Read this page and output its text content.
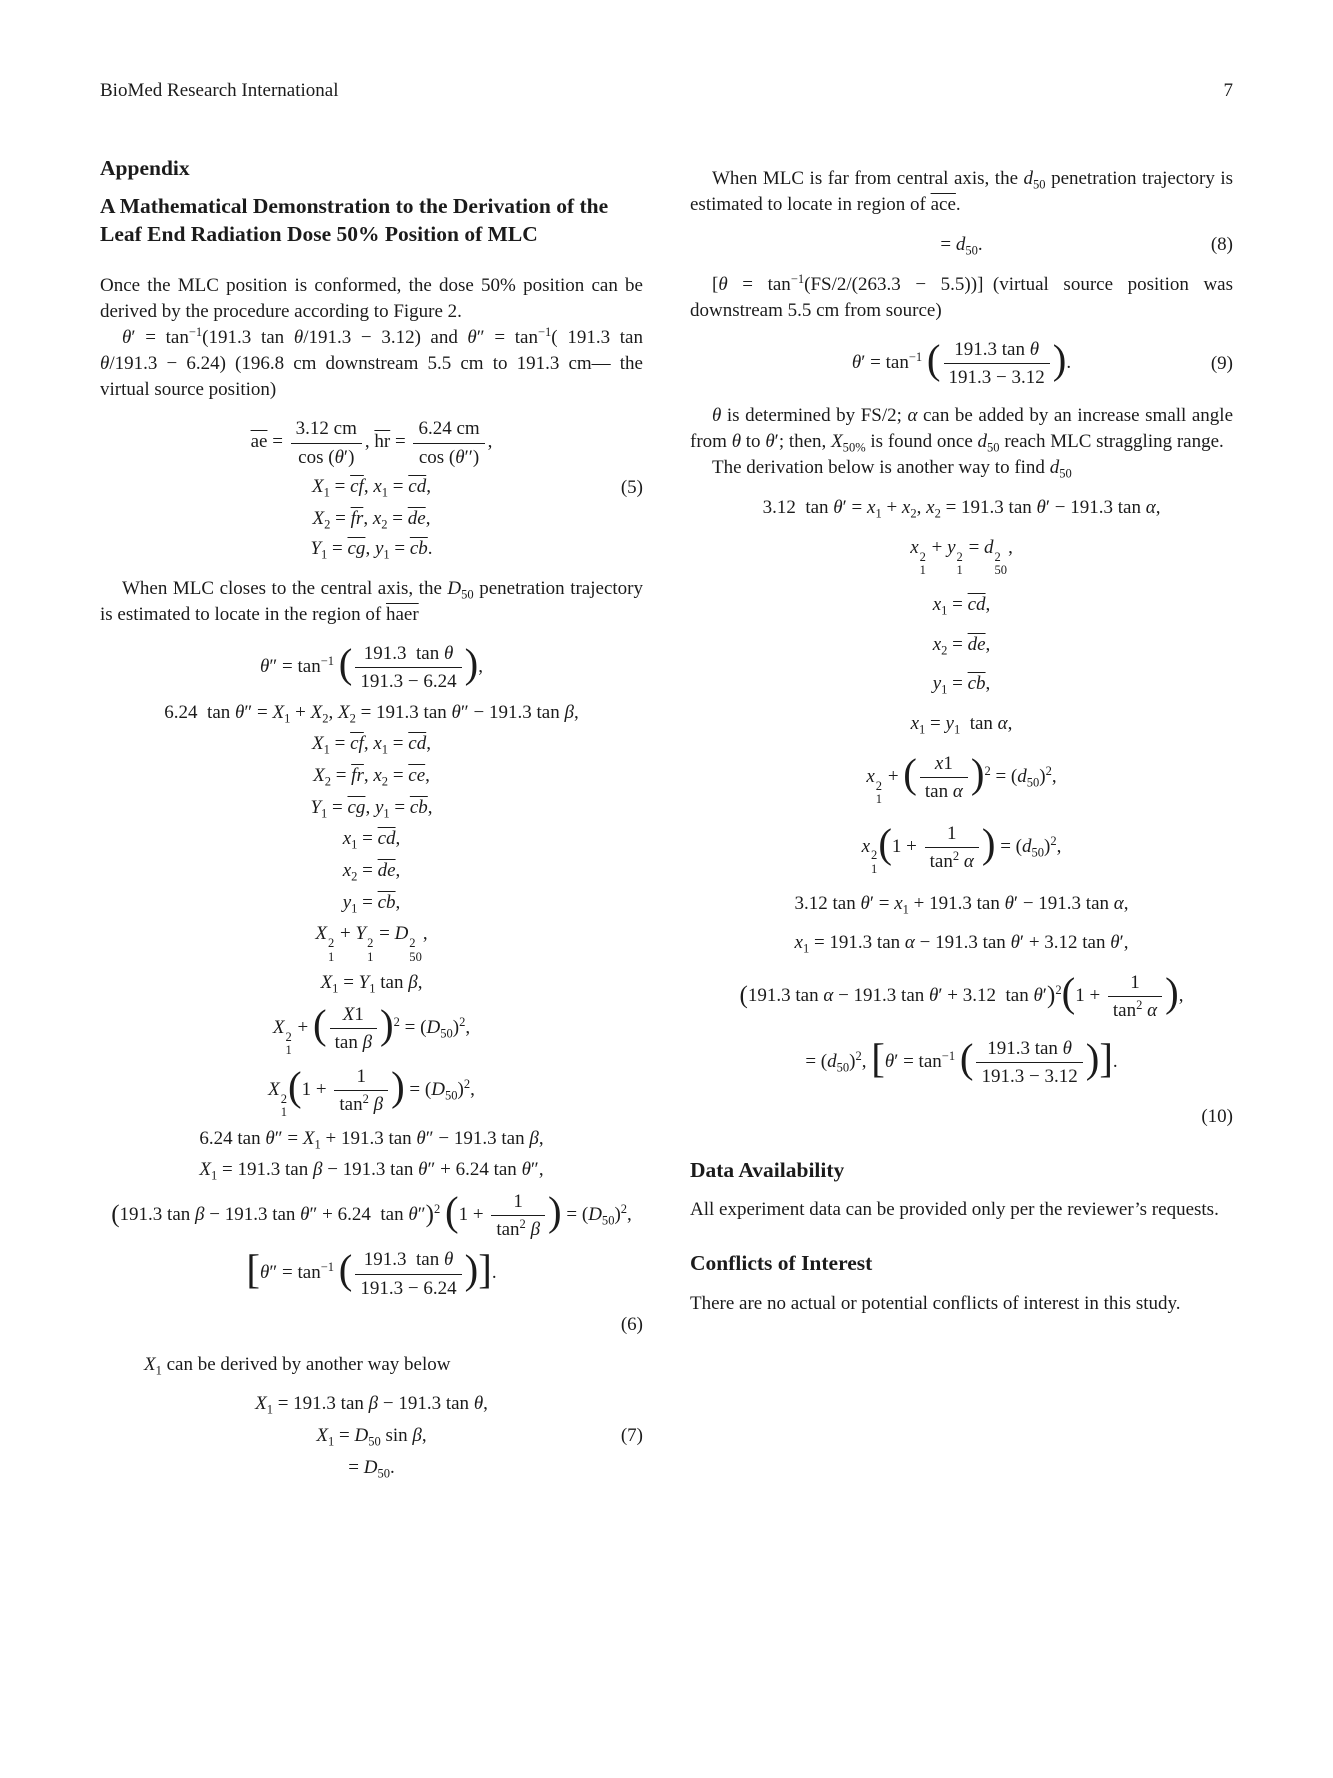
BioMed Research International	7
Appendix
A Mathematical Demonstration to the Derivation of the Leaf End Radiation Dose 50% Position of MLC

Once the MLC position is conformed, the dose 50% position can be derived by the procedure according to Figure 2.

$\theta' = \tan^{-1}(191.3$ tan θ/191.3 − 3.12) and $\theta'' = \tan^{-1}$( 191.3 tan θ/191.3 − 6.24) (196.8 cm downstream 5.5 cm to 191.3 cm— the virtual source position)

$\overline{ae} = \frac{3.12 cm}{\cos (\theta')}$ , $\overline{hr} = \frac{6.24 cm}{\cos (\theta'')}$ ,
$X_1 = \overline{cf}$, $x_1 = \overline{cd}$,	(5)
$X_2 = \overline{fr}$, $x_2 = \overline{de}$,
$Y_1 = \overline{cg}$, $y_1 = \overline{cb}$.

When MLC closes to the central axis, the $D_{50}$ penetration trajectory is estimated to locate in the region of haer

$\theta'' = \tan^{-1}$ ( $\frac{\text{191.3 tan θ}}{191.3 - 6.24}$ ),
6.24 $\tan \theta'' = X_1 + X_2$, $X_2 = 191.3$ tan θ″ − 191.3 tan β,
$X_1 = \overline{cf}$, $x_1 = \overline{cd}$,
$X_2 = \overline{fr}$, $x_2 = \overline{ce}$,
$Y_1 = \overline{cg}$, $y_1 = \overline{cb}$,
$x_1 = \overline{cd}$,
$x_2 = \overline{de}$,
$y_1 = \overline{cb}$,
X 2
1
+ Y 2
1
= D 2
50
,
$X_1 = Y_1$ tan β,
X 2
1
+ ( $\frac{X1}{\text{tan β}} )^2 = (D_{50})^2$,
X 2
1
($1 + \frac{1}{\tan^2 \beta}$ ) = $(D_{50})^2$,
6.24 $\tan \theta'' = X_1 + 191.3$ tan θ″ − 191.3 tan β,
$X_1 = 191.3$ tan β − 191.3 tan θ″ + 6.24 tan θ″,
(191.3 tan β − 191.3 tan θ″ + 6.24 tan θ″)$^2$ ($1 + \frac{1}{\tan^2 \beta}$ ) = $(D_{50})^2$,
[$\theta'' = \tan^{-1}$ ( $\frac{\text{191.3 tan θ}}{191.3 - 6.24}$ )].
(6)

$X_1$ can be derived by another way below

$X_1 = 191.3$ tan β − 191.3 tan θ,
$X_1 = D_{50}$ sin β,	(7)
= $D_{50}$.

When MLC is far from central axis, the $d_{50}$ penetration trajectory is estimated to locate in region of $\overline{ace}$.

= $d_{50}$.	(8)

$[\theta = \tan^{-1}(FS/2/(263.3 - 5.5))]$ (virtual source position was downstream 5.5 cm from source)

$\theta' = \tan^{-1}$ ( $\frac{\text{191.3 tan θ}}{191.3 - 3.12}$ ).	(9)

θ is determined by FS/2; α can be added by an increase small angle from θ to θ′; then, $X_{50\%}$ is found once $d_{50}$ reach MLC straggling range.

The derivation below is another way to find $d_{50}$

3.12 $\tan \theta' = x_1 + x_2$, $x_2 = 191.3$ tan θ′ − 191.3 tan α,
x 2
1
+ y 2
1
= d 2
50
,
$x_1 = \overline{cd}$,
$x_2 = \overline{de}$,
$y_1 = \overline{cb}$,
$x_1 = y_1$ tan α,
x 2
1
+ ( $\frac{x1}{\text{tan α}} )^2 = (d_{50})^2$,
x 2
1
($1 + \frac{1}{\tan^2 \alpha}$ ) = $(d_{50})^2$,
3.12 $\tan \theta' = x_1 + 191.3$ tan θ′ − 191.3 tan α,
$x_1 = 191.3$ tan α − 191.3 tan θ′ + 3.12 tan θ′,
(191.3 tan α − 191.3 tan θ′ + 3.12 $\tan \theta')^2(1 + \frac{1}{\tan^2 \alpha}$ ),
= $(d_{50})^2$, [$\theta' = \tan^{-1}$ ( $\frac{\text{191.3 tan θ}}{191.3 - 3.12}$ )].
(10)
Data Availability

All experiment data can be provided only per the reviewer’s requests.

Conflicts of Interest

There are no actual or potential conflicts of interest in this study.
